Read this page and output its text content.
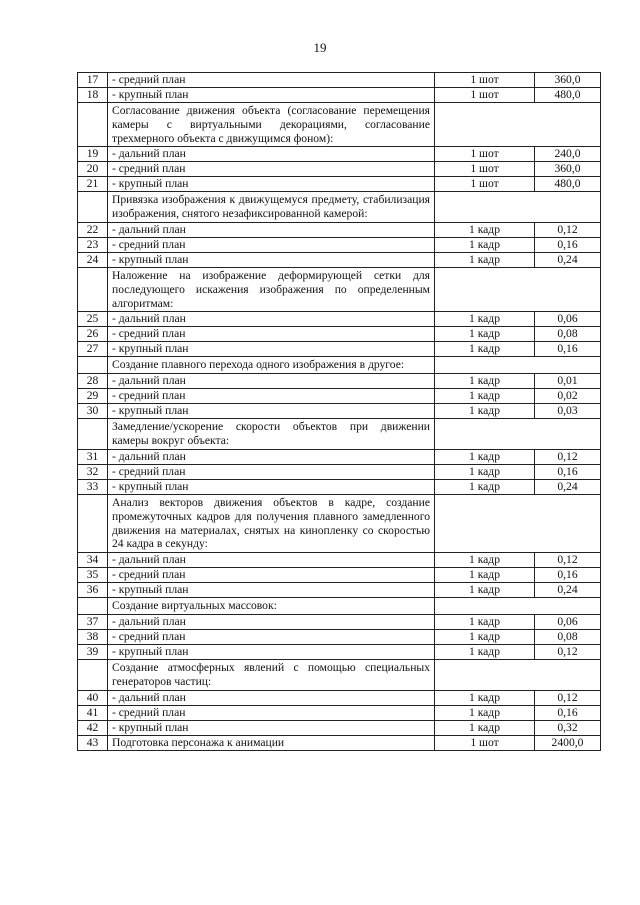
19
17	- средний план	1 шот	360,0
18	- крупный план	1 шот	480,0
	Согласование движения объекта (согласование перемещения камеры с виртуальными декорациями, согласование трехмерного объекта с движущимся фоном):		
19	- дальний план	1 шот	240,0
20	- средний план	1 шот	360,0
21	- крупный план	1 шот	480,0
	Привязка изображения к движущемуся предмету, стабилизация изображения, снятого незафиксированной камерой:		
22	- дальний план	1 кадр	0,12
23	- средний план	1 кадр	0,16
24	- крупный план	1 кадр	0,24
	Наложение на изображение деформирующей сетки для последующего искажения изображения по определенным алгоритмам:		
25	- дальний план	1 кадр	0,06
26	- средний план	1 кадр	0,08
27	- крупный план	1 кадр	0,16
	Создание плавного перехода одного изображения в другое:		
28	- дальний план	1 кадр	0,01
29	- средний план	1 кадр	0,02
30	- крупный план	1 кадр	0,03
	Замедление/ускорение скорости объектов при движении камеры вокруг объекта:		
31	- дальний план	1 кадр	0,12
32	- средний план	1 кадр	0,16
33	- крупный план	1 кадр	0,24
	Анализ векторов движения объектов в кадре, создание промежуточных кадров для получения плавного замедленного движения на материалах, снятых на кинопленку со скоростью 24 кадра в секунду:		
34	- дальний план	1 кадр	0,12
35	- средний план	1 кадр	0,16
36	- крупный план	1 кадр	0,24
	Создание виртуальных массовок:		
37	- дальний план	1 кадр	0,06
38	- средний план	1 кадр	0,08
39	- крупный план	1 кадр	0,12
	Создание атмосферных явлений с помощью специальных генераторов частиц:		
40	- дальний план	1 кадр	0,12
41	- средний план	1 кадр	0,16
42	- крупный план	1 кадр	0,32
43	Подготовка персонажа к анимации	1 шот	2400,0
